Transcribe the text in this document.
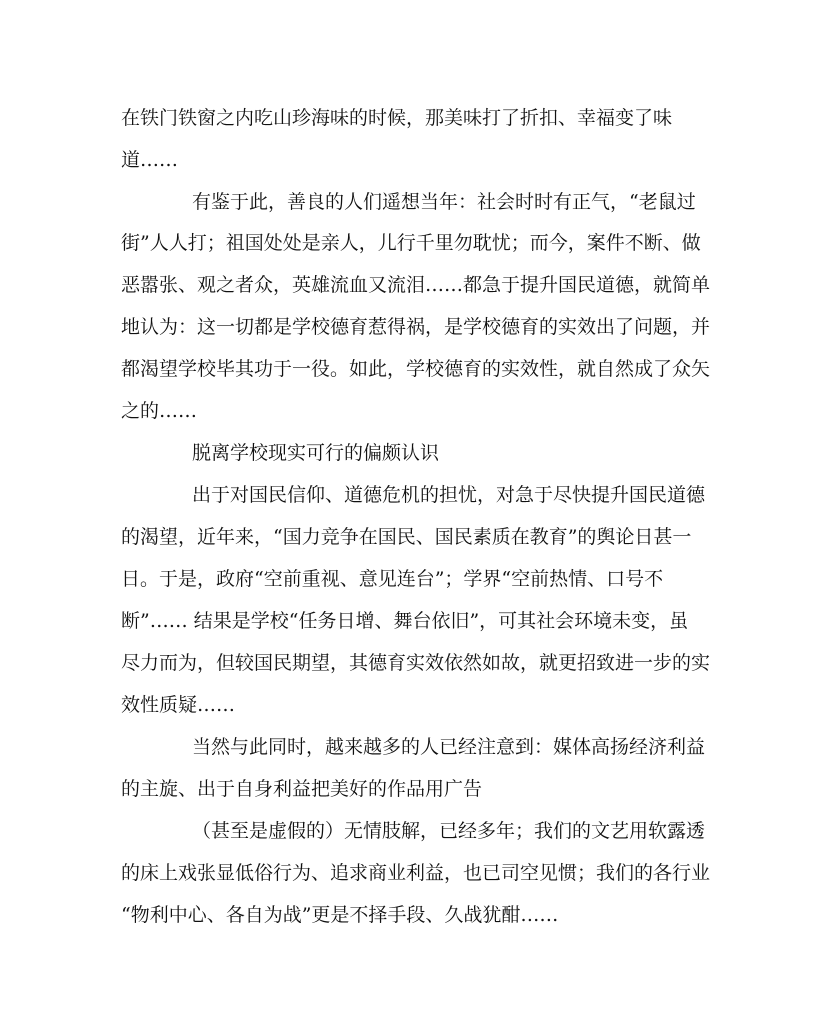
在铁门铁窗之内吃山珍海味的时候，那美味打了折扣、幸福变了味
道……
有鉴于此，善良的人们遥想当年：社会时时有正气，“老鼠过
街”人人打；祖国处处是亲人，儿行千里勿耽忧；而今，案件不断、做
恶嚣张、观之者众，英雄流血又流泪……都急于提升国民道德，就简单
地认为：这一切都是学校德育惹得祸，是学校德育的实效出了问题，并
都渴望学校毕其功于一役。如此，学校德育的实效性，就自然成了众矢
之的……
脱离学校现实可行的偏颇认识
出于对国民信仰、道德危机的担忧，对急于尽快提升国民道德
的渴望，近年来，“国力竞争在国民、国民素质在教育”的舆论日甚一
日。于是，政府“空前重视、意见连台”；学界“空前热情、口号不
断”…… 结果是学校“任务日增、舞台依旧”，可其社会环境未变，虽
尽力而为，但较国民期望，其德育实效依然如故，就更招致进一步的实
效性质疑……
当然与此同时，越来越多的人已经注意到：媒体高扬经济利益
的主旋、出于自身利益把美好的作品用广告
（甚至是虚假的）无情肢解，已经多年；我们的文艺用软露透
的床上戏张显低俗行为、追求商业利益，也已司空见惯；我们的各行业
“物利中心、各自为战”更是不择手段、久战犹酣……
